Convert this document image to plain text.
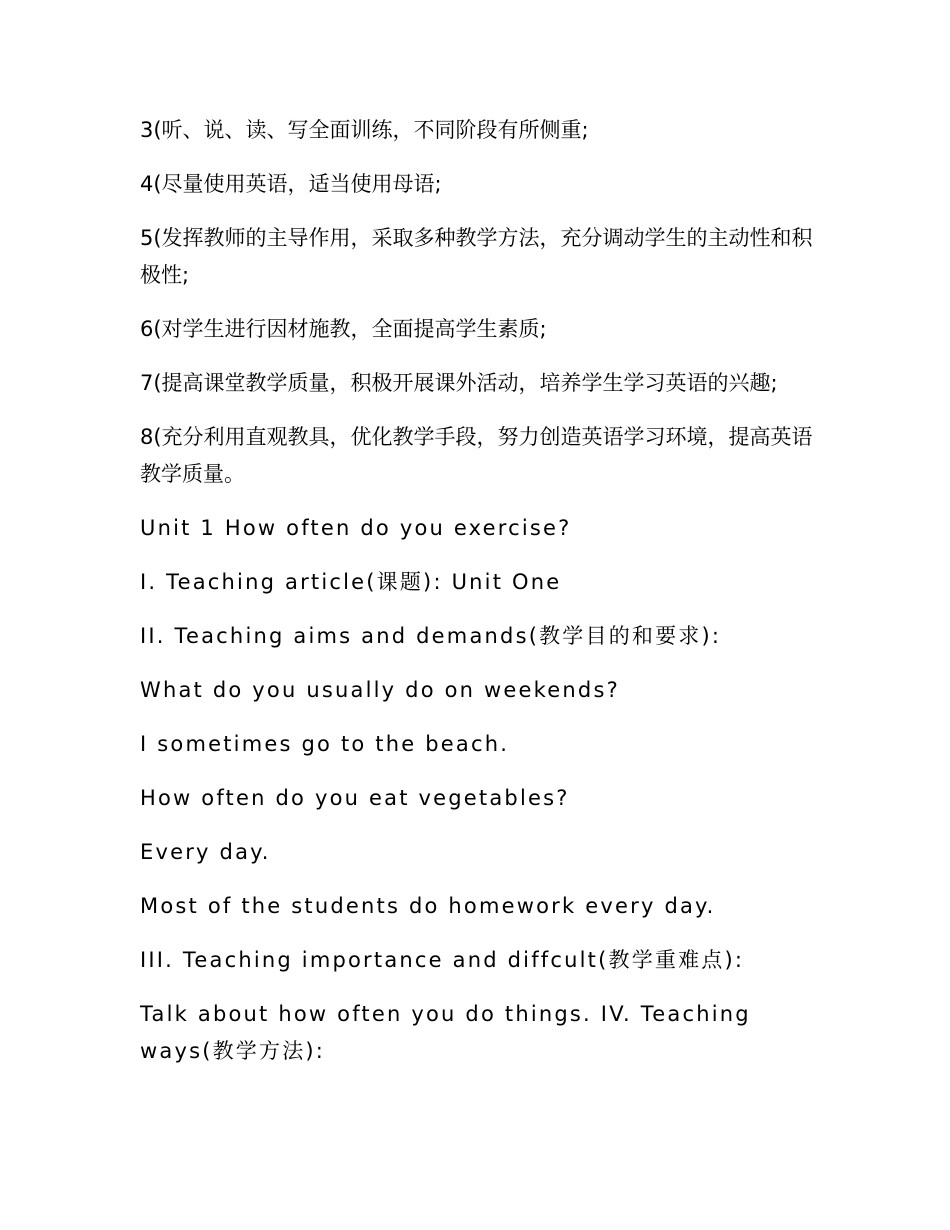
3(听、说、读、写全面训练，不同阶段有所侧重;

4(尽量使用英语，适当使用母语;

5(发挥教师的主导作用，采取多种教学方法，充分调动学生的主动性和积极性;

6(对学生进行因材施教，全面提高学生素质;

7(提高课堂教学质量，积极开展课外活动，培养学生学习英语的兴趣;

8(充分利用直观教具，优化教学手段，努力创造英语学习环境，提高英语教学质量。

Unit 1 How often do you exercise?

I. Teaching article(课题): Unit One

II. Teaching aims and demands(教学目的和要求):

What do you usually do on weekends?

I sometimes go to the beach.

How often do you eat vegetables?

Every day.

Most of the students do homework every day.

III. Teaching importance and diffcult(教学重难点):

Talk about how often you do things. IV. Teaching ways(教学方法):
